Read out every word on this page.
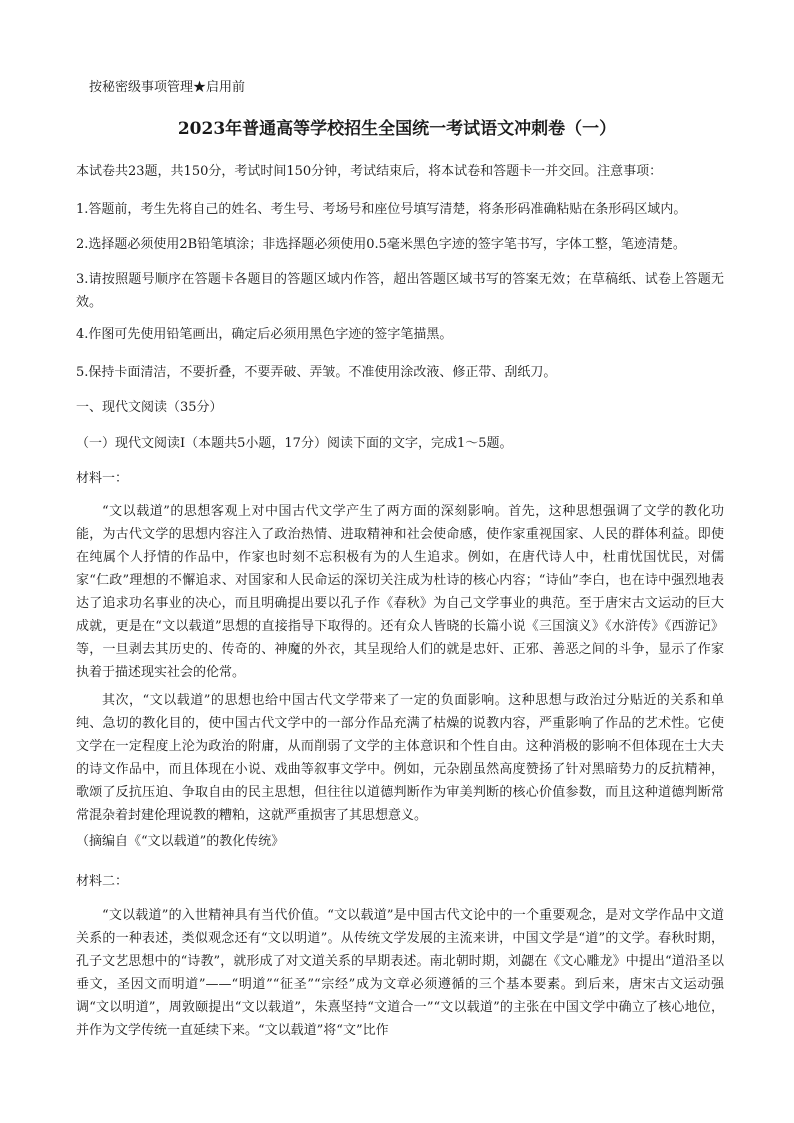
按秘密级事项管理★启用前
2023年普通高等学校招生全国统一考试语文冲刺卷（一）

本试卷共23题，共150分，考试时间150分钟，考试结束后，将本试卷和答题卡一并交回。注意事项：

1.答题前，考生先将自己的姓名、考生号、考场号和座位号填写清楚，将条形码准确粘贴在条形码区域内。

2.选择题必须使用2B铅笔填涂；非选择题必须使用0.5毫米黑色字迹的签字笔书写，字体工整，笔迹清楚。

3.请按照题号顺序在答题卡各题目的答题区域内作答，超出答题区域书写的答案无效；在草稿纸、试卷上答题无效。

4.作图可先使用铅笔画出，确定后必须用黑色字迹的签字笔描黑。

5.保持卡面清洁，不要折叠，不要弄破、弄皱。不准使用涂改液、修正带、刮纸刀。

一、现代文阅读（35分）

（一）现代文阅读Ⅰ（本题共5小题，17分）阅读下面的文字，完成1～5题。

材料一：

“文以载道”的思想客观上对中国古代文学产生了两方面的深刻影响。首先，这种思想强调了文学的教化功能，为古代文学的思想内容注入了政治热情、进取精神和社会使命感，使作家重视国家、人民的群体利益。即使在纯属个人抒情的作品中，作家也时刻不忘积极有为的人生追求。例如，在唐代诗人中，杜甫忧国忧民，对儒家“仁政”理想的不懈追求、对国家和人民命运的深切关注成为杜诗的核心内容；“诗仙”李白，也在诗中强烈地表达了追求功名事业的决心，而且明确提出要以孔子作《春秋》为自己文学事业的典范。至于唐宋古文运动的巨大成就，更是在“文以载道”思想的直接指导下取得的。还有众人皆晓的长篇小说《三国演义》《水浒传》《西游记》等，一旦剥去其历史的、传奇的、神魔的外衣，其呈现给人们的就是忠奸、正邪、善恶之间的斗争，显示了作家执着于描述现实社会的伦常。

其次，“文以载道”的思想也给中国古代文学带来了一定的负面影响。这种思想与政治过分贴近的关系和单纯、急切的教化目的，使中国古代文学中的一部分作品充满了枯燥的说教内容，严重影响了作品的艺术性。它使文学在一定程度上沦为政治的附庸，从而削弱了文学的主体意识和个性自由。这种消极的影响不但体现在士大夫的诗文作品中，而且体现在小说、戏曲等叙事文学中。例如，元杂剧虽然高度赞扬了针对黑暗势力的反抗精神，歌颂了反抗压迫、争取自由的民主思想，但往往以道德判断作为审美判断的核心价值参数，而且这种道德判断常常混杂着封建伦理说教的糟粕，这就严重损害了其思想意义。

（摘编自《“文以载道”的教化传统》

材料二：

“文以载道”的入世精神具有当代价值。“文以载道”是中国古代文论中的一个重要观念，是对文学作品中文道关系的一种表述，类似观念还有“文以明道”。从传统文学发展的主流来讲，中国文学是“道”的文学。春秋时期，孔子文艺思想中的“诗教”，就形成了对文道关系的早期表述。南北朝时期，刘勰在《文心雕龙》中提出“道沿圣以垂文，圣因文而明道”——“明道”“征圣”“宗经”成为文章必须遵循的三个基本要素。到后来，唐宋古文运动强调“文以明道”，周敦颐提出“文以载道”，朱熹坚持“文道合一”“文以载道”的主张在中国文学中确立了核心地位，并作为文学传统一直延续下来。“文以载道”将“文”比作
